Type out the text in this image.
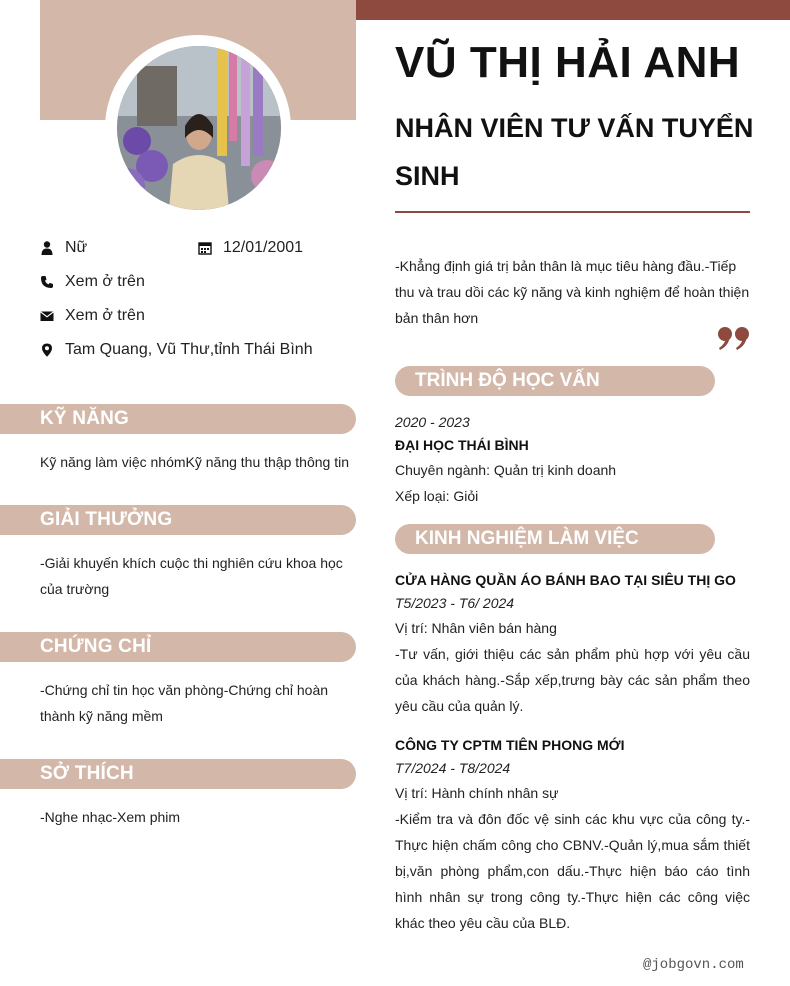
Nữ	12/01/2001
Xem ở trên
Xem ở trên
Tam Quang, Vũ Thư,tỉnh Thái Bình
KỸ NĂNG
Kỹ năng làm việc nhómKỹ năng thu thập thông tin
GIẢI THƯỞNG
-Giải khuyến khích cuộc thi nghiên cứu khoa học của trường
CHỨNG CHỈ
-Chứng chỉ tin học văn phòng-Chứng chỉ hoàn thành kỹ năng mềm
SỞ THÍCH
-Nghe nhạc-Xem phim
VŨ THỊ HẢI ANH
NHÂN VIÊN TƯ VẤN TUYỂN SINH
-Khẳng định giá trị bản thân là mục tiêu hàng đầu.-Tiếp thu và trau dồi các kỹ năng và kinh nghiệm để hoàn thiện bản thân hơn
TRÌNH ĐỘ HỌC VẤN
2020 - 2023
ĐẠI HỌC THÁI BÌNH
Chuyên ngành: Quản trị kinh doanh
Xếp loại: Giỏi
KINH NGHIỆM LÀM VIỆC
CỬA HÀNG QUẦN ÁO BÁNH BAO TẠI SIÊU THỊ GO
T5/2023 - T6/ 2024
Vị trí: Nhân viên bán hàng
-Tư vấn, giới thiệu các sản phẩm phù hợp với yêu cầu của khách hàng.-Sắp xếp,trưng bày các sản phẩm theo yêu cầu của quản lý.
CÔNG TY CPTM TIÊN PHONG MỚI
T7/2024 - T8/2024
Vị trí: Hành chính nhân sự
-Kiểm tra và đôn đốc vệ sinh các khu vực của công ty.-Thực hiện chấm công cho CBNV.-Quản lý,mua sắm thiết bị,văn phòng phẩm,con dấu.-Thực hiện báo cáo tình hình nhân sự trong công ty.-Thực hiện các công việc khác theo yêu cầu của BLĐ.
@jobgovn.com
